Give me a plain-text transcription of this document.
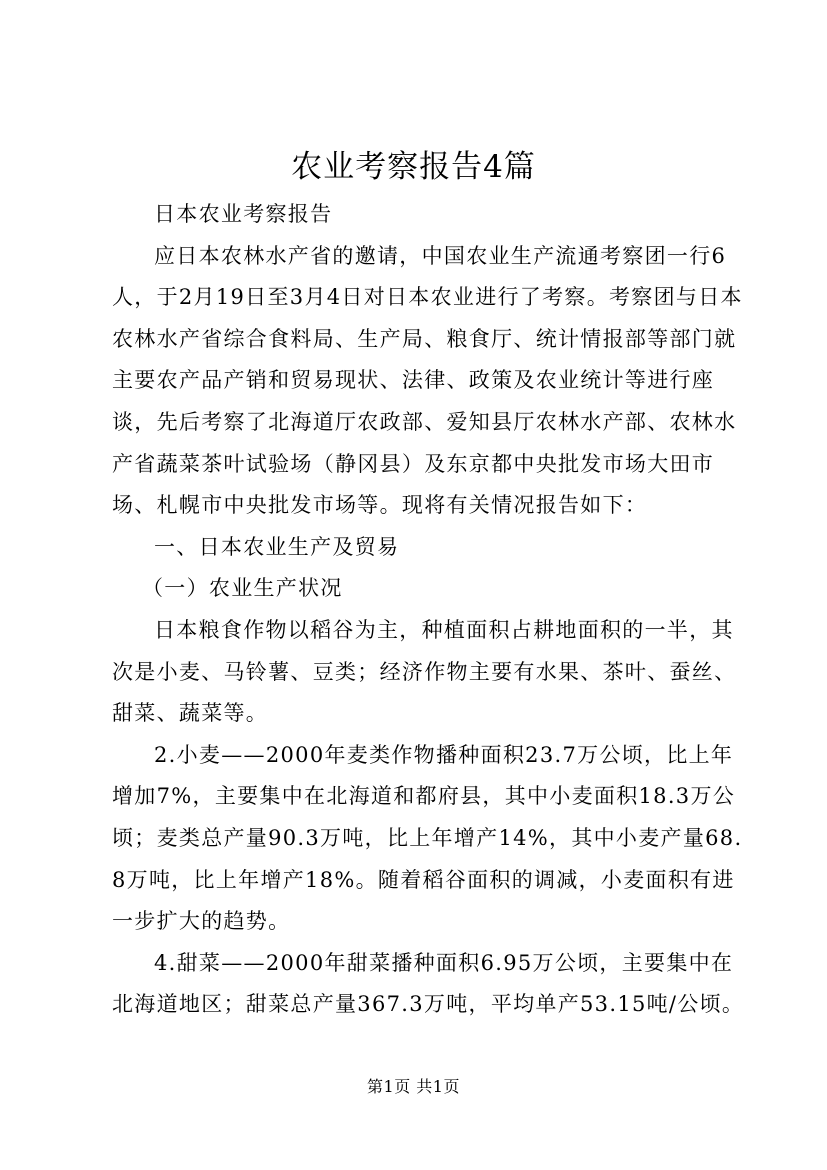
农业考察报告4篇

日本农业考察报告

应日本农林水产省的邀请，中国农业生产流通考察团一行6人，于2月19日至3月4日对日本农业进行了考察。考察团与日本农林水产省综合食料局、生产局、粮食厅、统计情报部等部门就主要农产品产销和贸易现状、法律、政策及农业统计等进行座谈，先后考察了北海道厅农政部、爱知县厅农林水产部、农林水产省蔬菜茶叶试验场（静冈县）及东京都中央批发市场大田市场、札幌市中央批发市场等。现将有关情况报告如下：

一、日本农业生产及贸易

（一）农业生产状况

日本粮食作物以稻谷为主，种植面积占耕地面积的一半，其次是小麦、马铃薯、豆类；经济作物主要有水果、茶叶、蚕丝、甜菜、蔬菜等。

2.小麦——2000年麦类作物播种面积23.7万公顷，比上年增加7%，主要集中在北海道和都府县，其中小麦面积18.3万公顷；麦类总产量90.3万吨，比上年增产14%，其中小麦产量68.8万吨，比上年增产18%。随着稻谷面积的调减，小麦面积有进一步扩大的趋势。

4.甜菜——2000年甜菜播种面积6.95万公顷，主要集中在北海道地区；甜菜总产量367.3万吨，平均单产53.15吨/公顷。

第1页 共1页
